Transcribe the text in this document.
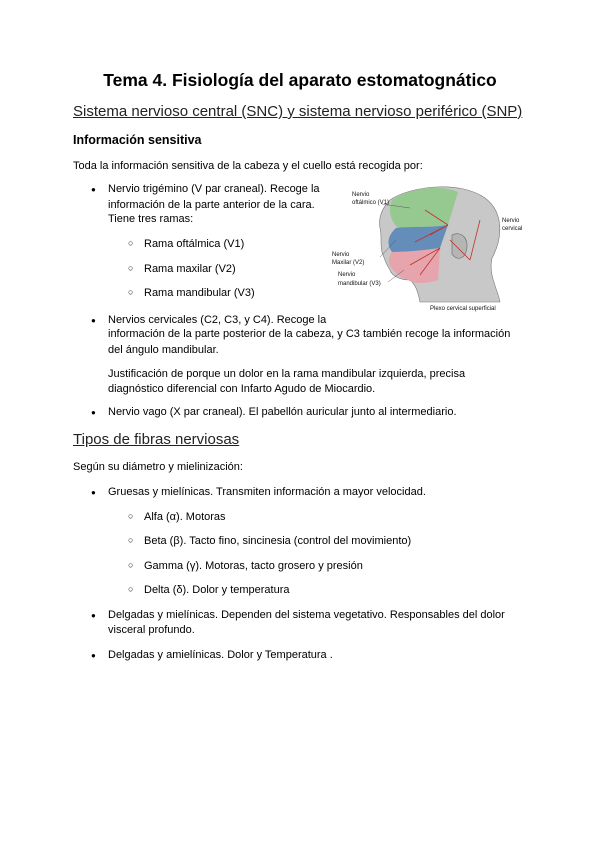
Tema 4. Fisiología del aparato estomatognático
Sistema nervioso central (SNC) y sistema nervioso periférico (SNP)
Información sensitiva
Toda la información sensitiva de la cabeza y el cuello está recogida por:
● Nervio trigémino (V par craneal). Recoge la
información de la parte anterior de la cara.
Tiene tres ramas:
○ Rama oftálmica (V1)
○ Rama maxilar (V2)
○ Rama mandibular (V3)
Nervio
oftálmico (V1)
Nervio
cervical
Nervio
Maxilar (V2)
Nervio
mandibular (V3)
Plexo cervical superficial
● Nervios cervicales (C2, C3, y C4). Recoge la
información de la parte posterior de la cabeza, y C3 también recoge la información
del ángulo mandibular.
Justificación de porque un dolor en la rama mandibular izquierda, precisa
diagnóstico diferencial con Infarto Agudo de Miocardio.
● Nervio vago (X par craneal). El pabellón auricular junto al intermediario.
Tipos de fibras nerviosas
Según su diámetro y mielinización:
● Gruesas y mielínicas. Transmiten información a mayor velocidad.
○ Alfa (α). Motoras
○ Beta (β). Tacto fino, sincinesia (control del movimiento)
○ Gamma (γ). Motoras, tacto grosero y presión
○ Delta (δ). Dolor y temperatura
● Delgadas y mielínicas. Dependen del sistema vegetativo. Responsables del dolor
visceral profundo.
● Delgadas y amielínicas. Dolor y Temperatura .
